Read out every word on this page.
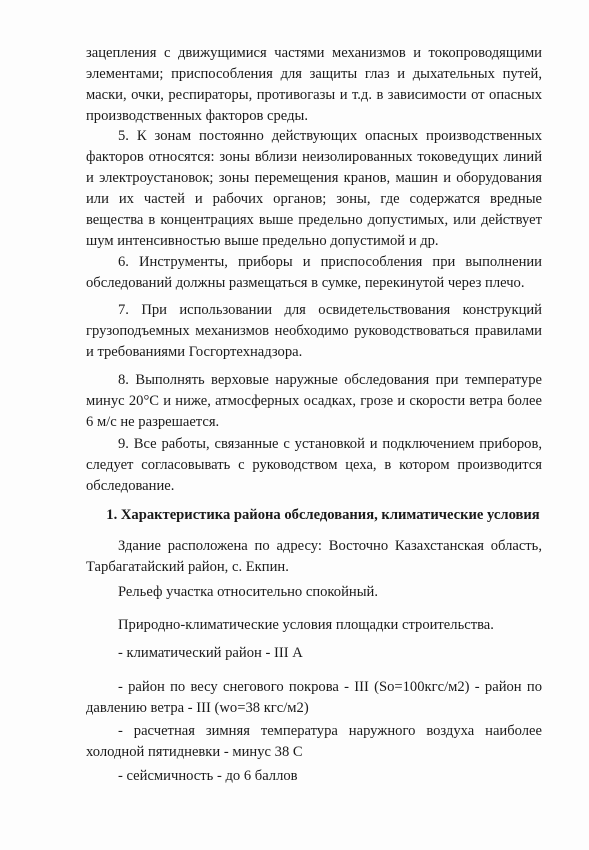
зацепления с движущимися частями механизмов и токопроводящими элементами; приспособления для защиты глаз и дыхательных путей, маски, очки, респираторы, противогазы и т.д. в зависимости от опасных производственных факторов среды.

5. К зонам постоянно действующих опасных производственных факторов относятся: зоны вблизи неизолированных токоведущих линий и электроустановок; зоны перемещения кранов, машин и оборудования или их частей и рабочих органов; зоны, где содержатся вредные вещества в концентрациях выше предельно допустимых, или действует шум интенсивностью выше предельно допустимой и др.

6. Инструменты, приборы и приспособления при выполнении обследований должны размещаться в сумке, перекинутой через плечо.

7. При использовании для освидетельствования конструкций грузоподъемных механизмов необходимо руководствоваться правилами и требованиями Госгортехнадзора.

8. Выполнять верховые наружные обследования при температуре минус 20°С и ниже, атмосферных осадках, грозе и скорости ветра более 6 м/с не разрешается.

9. Все работы, связанные с установкой и подключением приборов, следует согласовывать с руководством цеха, в котором производится обследование.

1. Характеристика района обследования, климатические условия

Здание расположена по адресу: Восточно Казахстанская область, Тарбагатайский район, с. Екпин.

Рельеф участка относительно спокойный.

Природно-климатические условия площадки строительства.

- климатический район - III А

- район по весу снегового покрова - III (So=100кгс/м2) - район по давлению ветра - III (wo=38 кгс/м2)

- расчетная зимняя температура наружного воздуха наиболее холодной пятидневки - минус 38 С

- сейсмичность - до 6 баллов
